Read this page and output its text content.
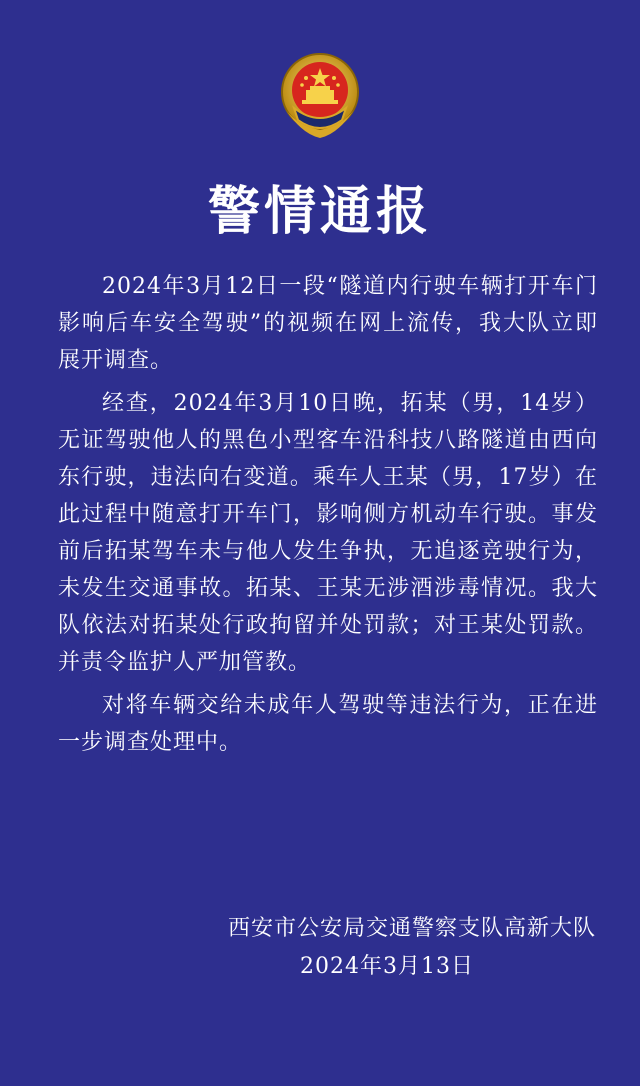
警情通报

2024年3月12日一段“隧道内行驶车辆打开车门影响后车安全驾驶”的视频在网上流传，我大队立即展开调查。

经查，2024年3月10日晚，拓某（男，14岁）无证驾驶他人的黑色小型客车沿科技八路隧道由西向东行驶，违法向右变道。乘车人王某（男，17岁）在此过程中随意打开车门，影响侧方机动车行驶。事发前后拓某驾车未与他人发生争执，无追逐竞驶行为，未发生交通事故。拓某、王某无涉酒涉毒情况。我大队依法对拓某处行政拘留并处罚款；对王某处罚款。并责令监护人严加管教。

对将车辆交给未成年人驾驶等违法行为，正在进一步调查处理中。

西安市公安局交通警察支队高新大队
2024年3月13日
